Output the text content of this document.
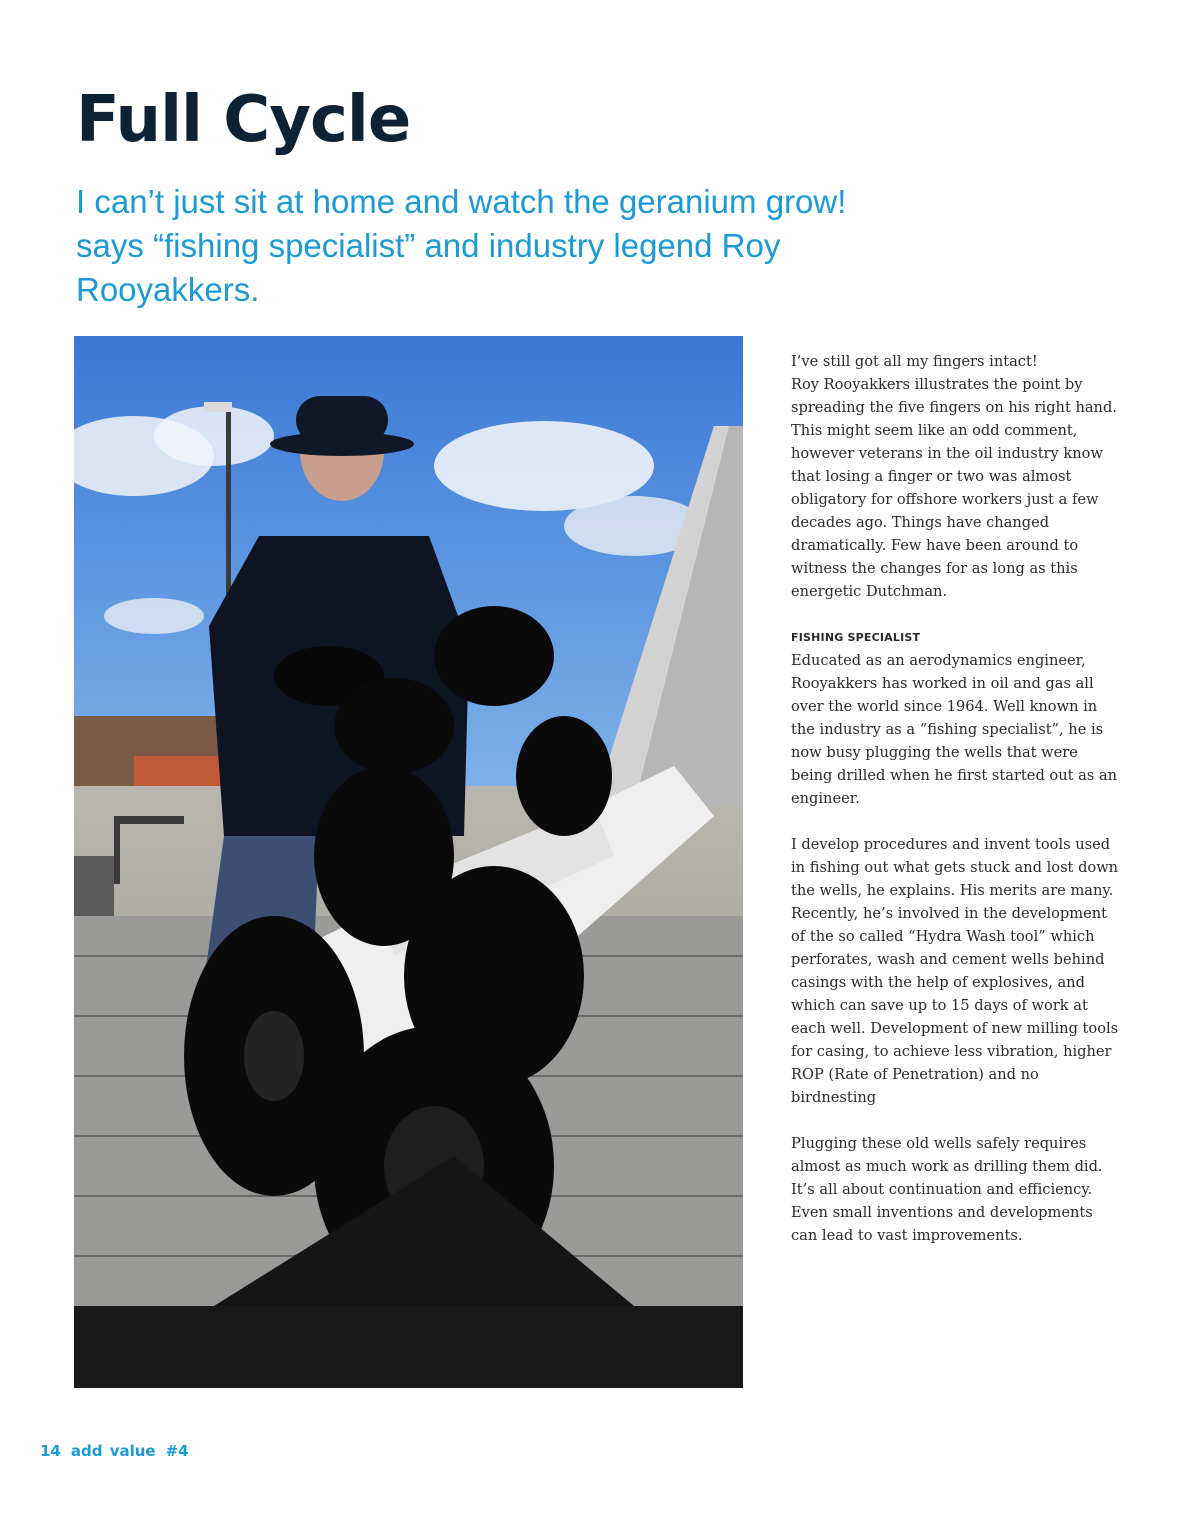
Full Cycle

I can’t just sit at home and watch the geranium grow! says “fishing specialist” and industry legend Roy Rooyakkers.

I’ve still got all my fingers intact!
Roy Rooyakkers illustrates the point by spreading the five fingers on his right hand. This might seem like an odd comment, however veterans in the oil industry know that losing a finger or two was almost obligatory for offshore workers just a few decades ago. Things have changed dramatically. Few have been around to witness the changes for as long as this energetic Dutchman.

FISHING SPECIALIST

Educated as an aerodynamics engineer, Rooyakkers has worked in oil and gas all over the world since 1964. Well known in the industry as a “fishing specialist”, he is now busy plugging the wells that were being drilled when he first started out as an engineer.

I develop procedures and invent tools used in fishing out what gets stuck and lost down the wells, he explains. His merits are many. Recently, he’s involved in the development of the so called “Hydra Wash tool” which perforates, wash and cement wells behind casings with the help of explosives, and which can save up to 15 days of work at each well. Development of new milling tools for casing, to achieve less vibration, higher ROP (Rate of Penetration) and no birdnesting

Plugging these old wells safely requires almost as much work as drilling them did. It’s all about continuation and efficiency. Even small inventions and developments can lead to vast improvements.

14 add value #4
